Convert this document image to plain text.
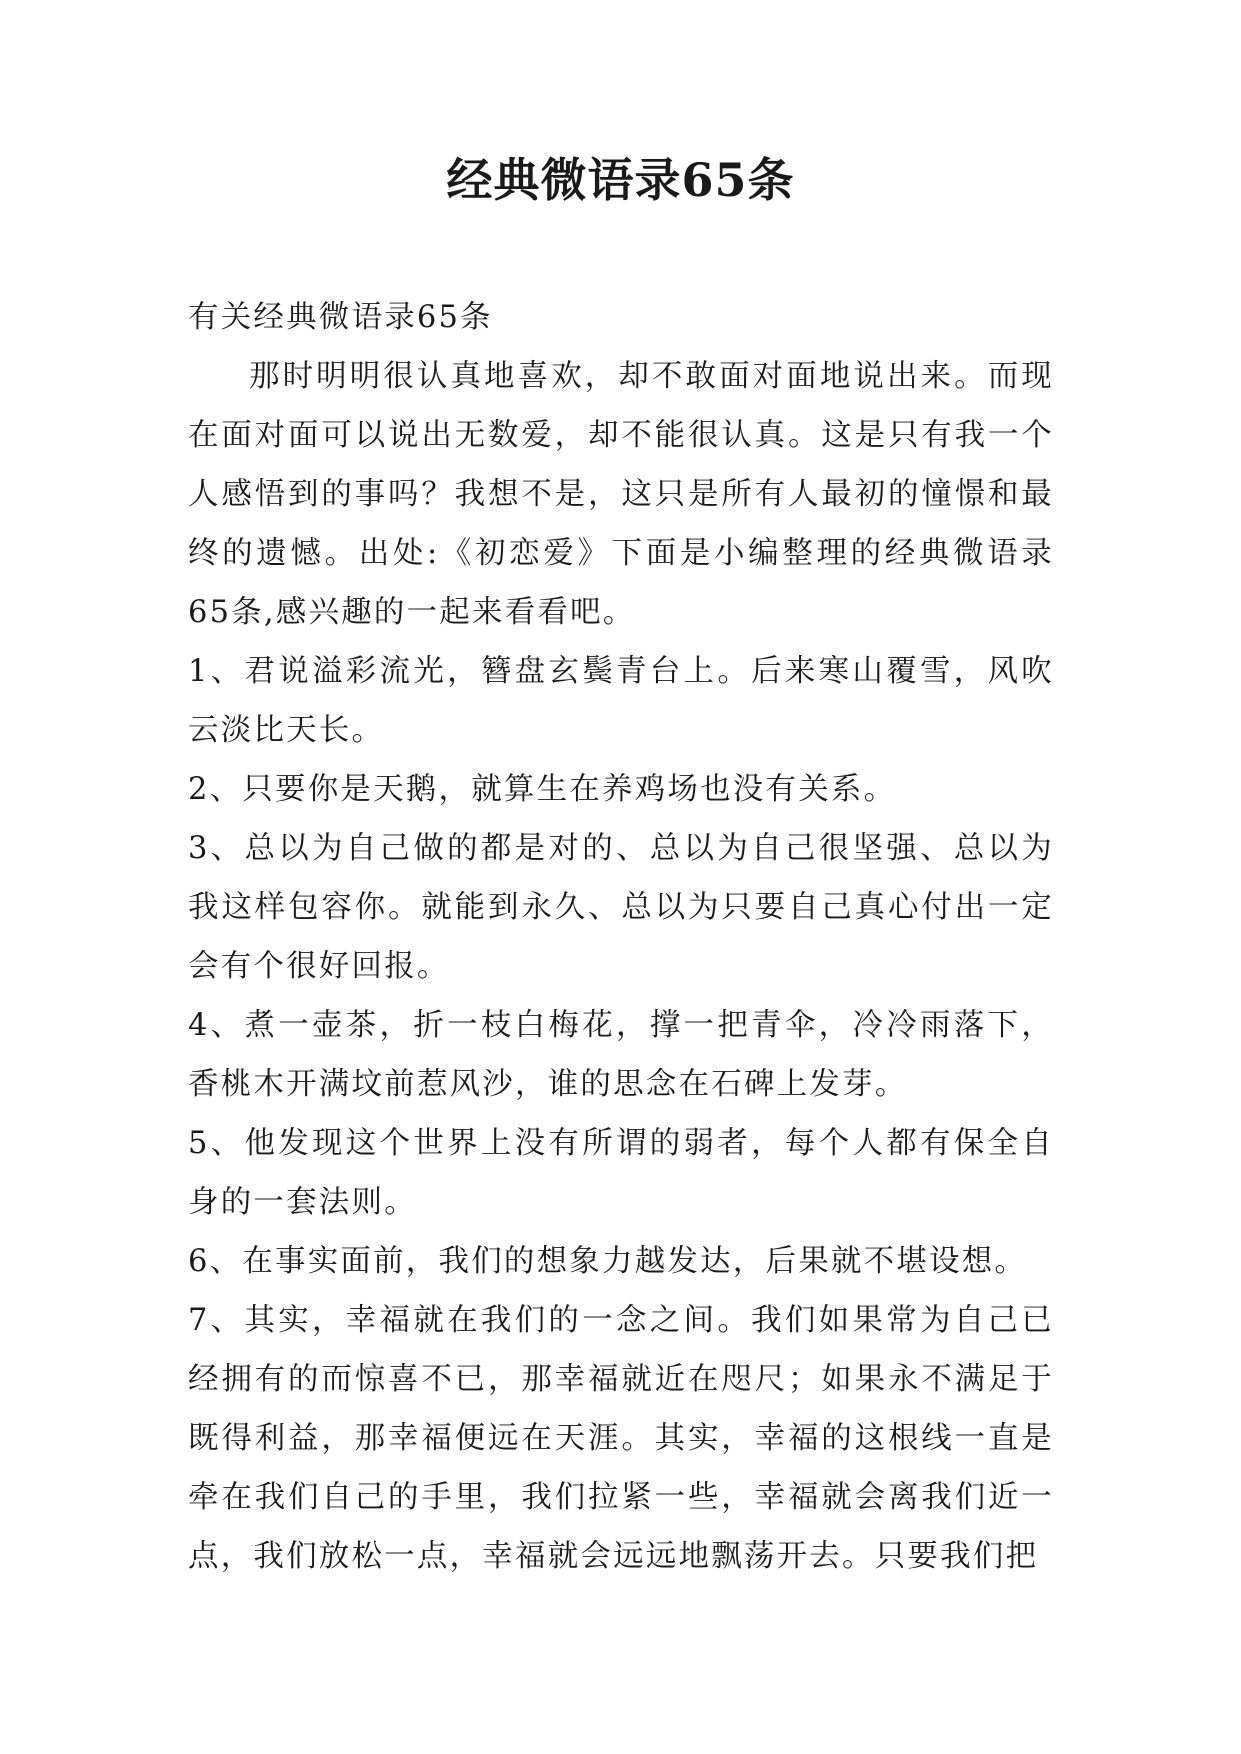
经典微语录65条

有关经典微语录65条

那时明明很认真地喜欢，却不敢面对面地说出来。而现在面对面可以说出无数爱，却不能很认真。这是只有我一个人感悟到的事吗？我想不是，这只是所有人最初的憧憬和最终的遗憾。出处:《初恋爱》下面是小编整理的经典微语录65条,感兴趣的一起来看看吧。

1、君说溢彩流光，簪盘玄鬓青台上。后来寒山覆雪，风吹云淡比天长。

2、只要你是天鹅，就算生在养鸡场也没有关系。

3、总以为自己做的都是对的、总以为自己很坚强、总以为我这样包容你。就能到永久、总以为只要自己真心付出一定会有个很好回报。

4、煮一壶茶，折一枝白梅花，撑一把青伞，冷冷雨落下，香桃木开满坟前惹风沙，谁的思念在石碑上发芽。

5、他发现这个世界上没有所谓的弱者，每个人都有保全自身的一套法则。

6、在事实面前，我们的想象力越发达，后果就不堪设想。

7、其实，幸福就在我们的一念之间。我们如果常为自己已经拥有的而惊喜不已，那幸福就近在咫尺；如果永不满足于既得利益，那幸福便远在天涯。其实，幸福的这根线一直是牵在我们自己的手里，我们拉紧一些，幸福就会离我们近一点，我们放松一点，幸福就会远远地飘荡开去。只要我们把
